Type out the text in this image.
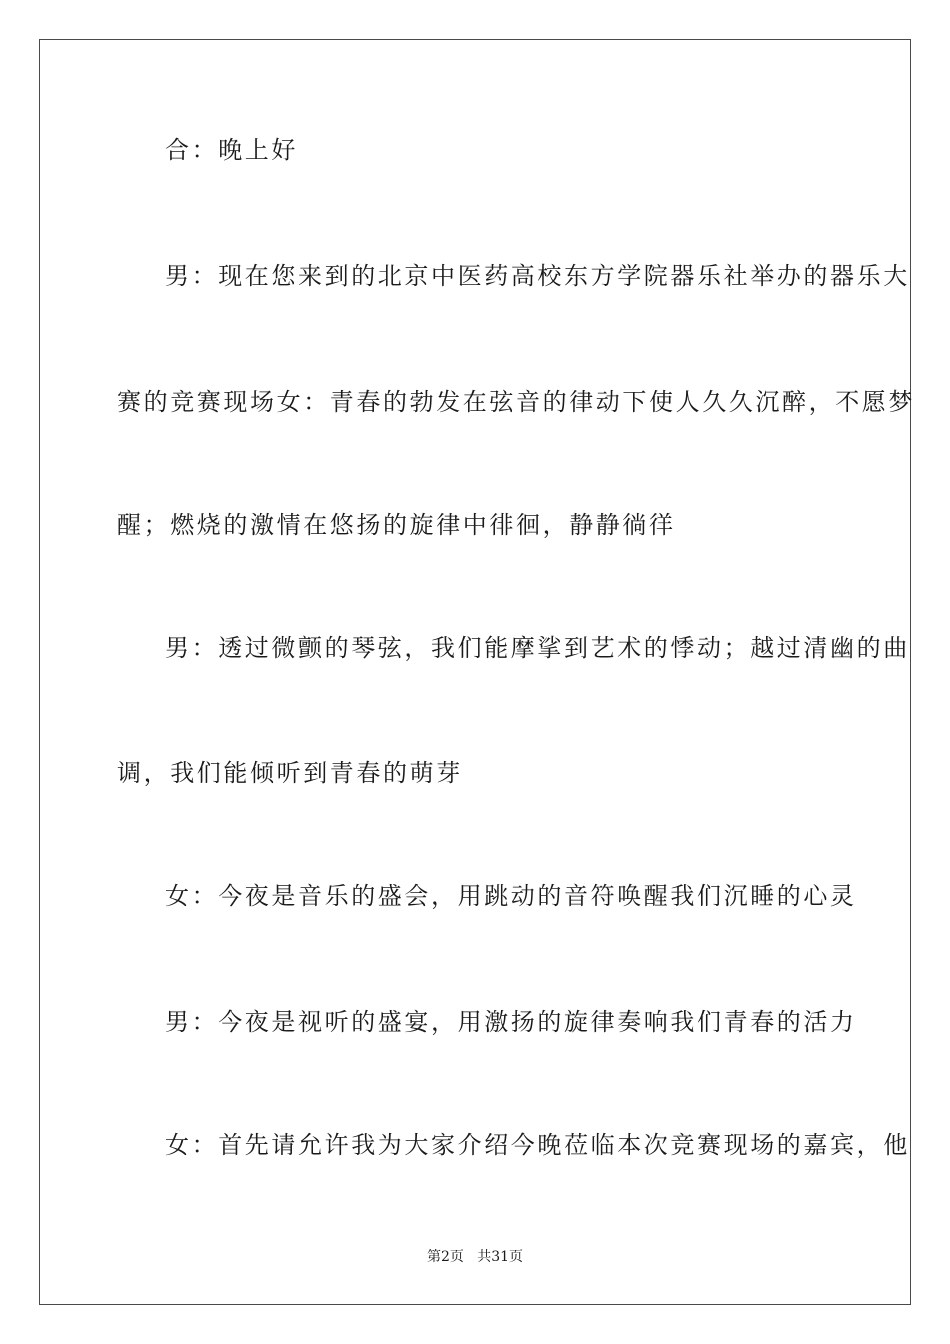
合：晚上好
男：现在您来到的北京中医药高校东方学院器乐社举办的器乐大
赛的竞赛现场女：青春的勃发在弦音的律动下使人久久沉醉，不愿梦
醒；燃烧的激情在悠扬的旋律中徘徊，静静徜徉
男：透过微颤的琴弦，我们能摩挲到艺术的悸动；越过清幽的曲
调，我们能倾听到青春的萌芽
女：今夜是音乐的盛会，用跳动的音符唤醒我们沉睡的心灵
男：今夜是视听的盛宴，用激扬的旋律奏响我们青春的活力
女：首先请允许我为大家介绍今晚莅临本次竞赛现场的嘉宾，他
第2页   共31页
